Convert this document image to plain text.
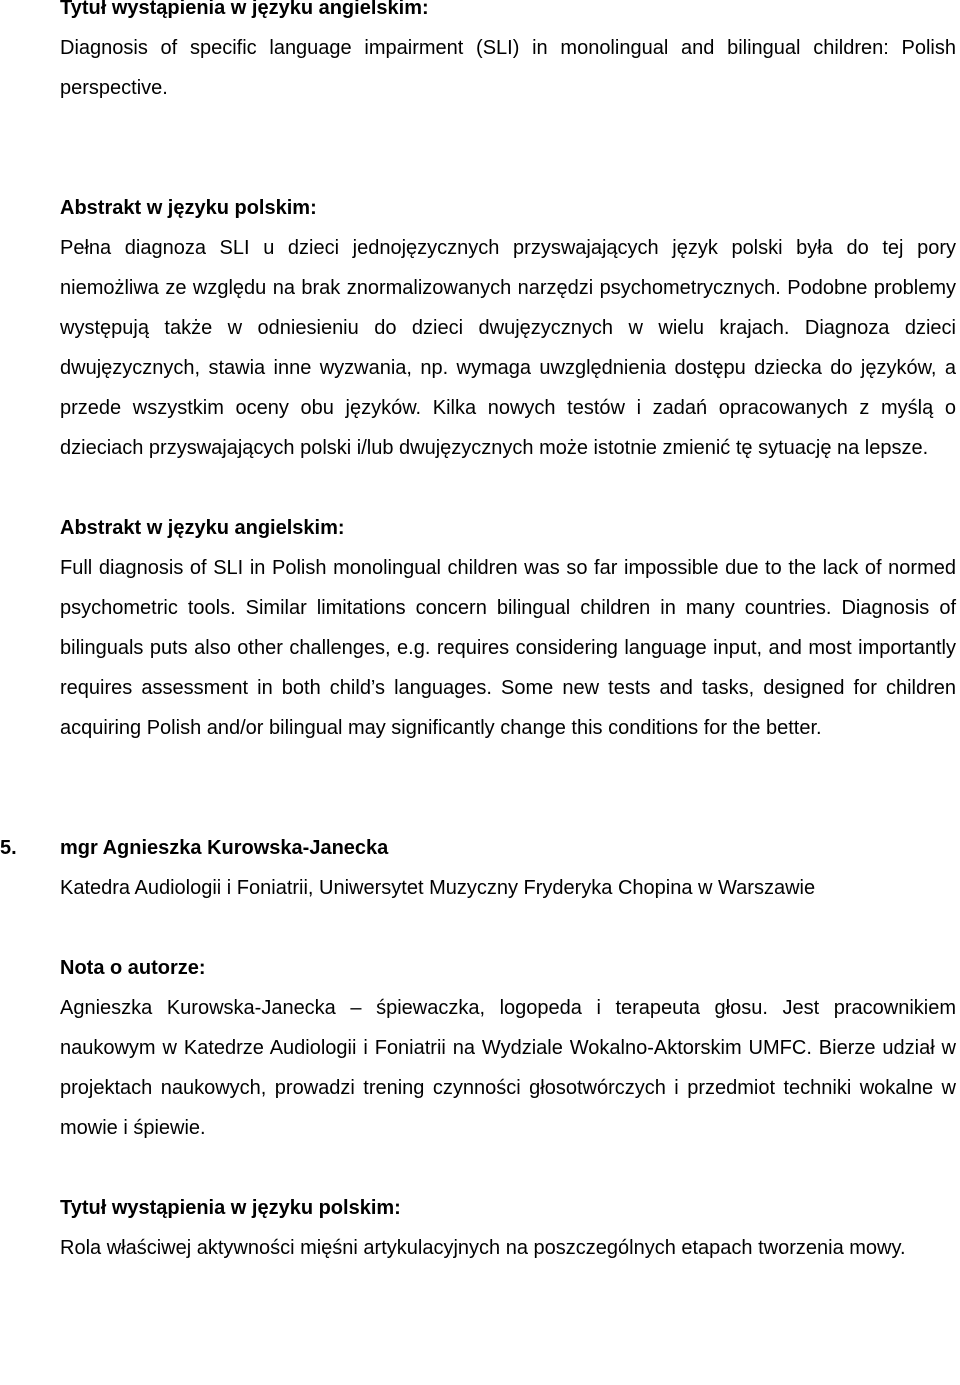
Tytuł wystąpienia w języku angielskim:
Diagnosis of specific language impairment (SLI) in monolingual and bilingual children: Polish perspective.
Abstrakt w języku polskim:
Pełna diagnoza SLI u dzieci jednojęzycznych przyswajających język polski była do tej pory niemożliwa ze względu na brak znormalizowanych narzędzi psychometrycznych. Podobne problemy występują także w odniesieniu do dzieci dwujęzycznych w wielu krajach. Diagnoza dzieci dwujęzycznych, stawia inne wyzwania, np. wymaga uwzględnienia dostępu dziecka do języków, a przede wszystkim oceny obu języków. Kilka nowych testów i zadań opracowanych z myślą o dzieciach przyswajających polski i/lub dwujęzycznych może istotnie zmienić tę sytuację na lepsze.
Abstrakt w języku angielskim:
Full diagnosis of SLI in Polish monolingual children was so far impossible due to the lack of normed psychometric tools. Similar limitations concern bilingual children in many countries. Diagnosis of bilinguals puts also other challenges, e.g. requires considering language input, and most importantly requires assessment in both child’s languages. Some new tests and tasks, designed for children acquiring Polish and/or bilingual may significantly change this conditions for the better.
5. mgr Agnieszka Kurowska-Janecka
Katedra Audiologii i Foniatrii, Uniwersytet Muzyczny Fryderyka Chopina w Warszawie
Nota o autorze:
Agnieszka Kurowska-Janecka – śpiewaczka, logopeda i terapeuta głosu. Jest pracownikiem naukowym w Katedrze Audiologii i Foniatrii na Wydziale Wokalno-Aktorskim UMFC. Bierze udział w projektach naukowych, prowadzi trening czynności głosotwórczych i przedmiot techniki wokalne w mowie i śpiewie.
Tytuł wystąpienia w języku polskim:
Rola właściwej aktywności mięśni artykulacyjnych na poszczególnych etapach tworzenia mowy.
